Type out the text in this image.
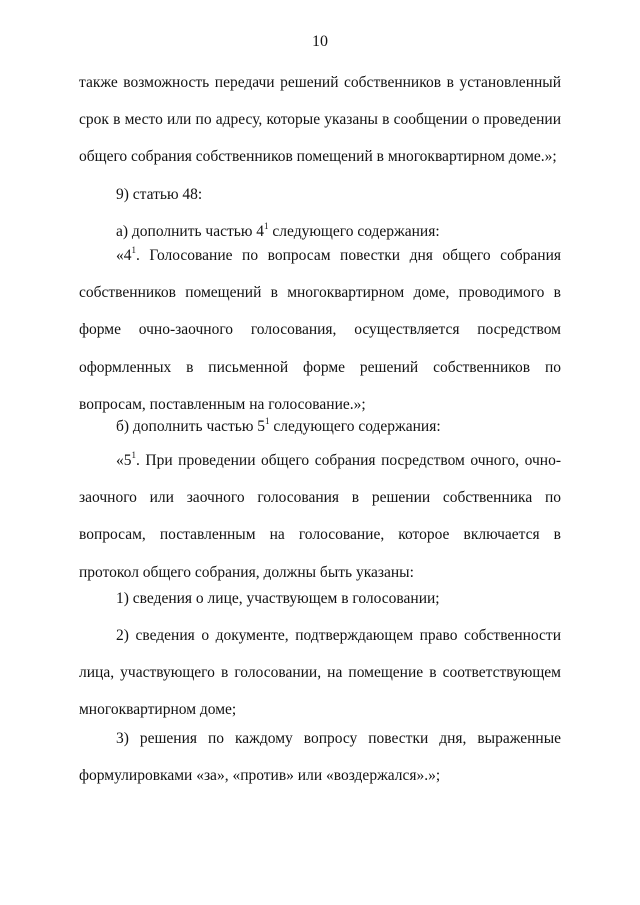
10

также возможность передачи решений собственников в установленный срок в место или по адресу, которые указаны в сообщении о проведении общего собрания собственников помещений в многоквартирном доме.»;

9) статью 48:

а) дополнить частью $4^1$ следующего содержания:

«$4^1$. Голосование по вопросам повестки дня общего собрания собственников помещений в многоквартирном доме, проводимого в форме очно-заочного голосования, осуществляется посредством оформленных в письменной форме решений собственников по вопросам, поставленным на голосование.»;

б) дополнить частью $5^1$ следующего содержания:

«$5^1$. При проведении общего собрания посредством очного, очно-заочного или заочного голосования в решении собственника по вопросам, поставленным на голосование, которое включается в протокол общего собрания, должны быть указаны:

1) сведения о лице, участвующем в голосовании;

2) сведения о документе, подтверждающем право собственности лица, участвующего в голосовании, на помещение в соответствующем многоквартирном доме;

3) решения по каждому вопросу повестки дня, выраженные формулировками «за», «против» или «воздержался».»;
